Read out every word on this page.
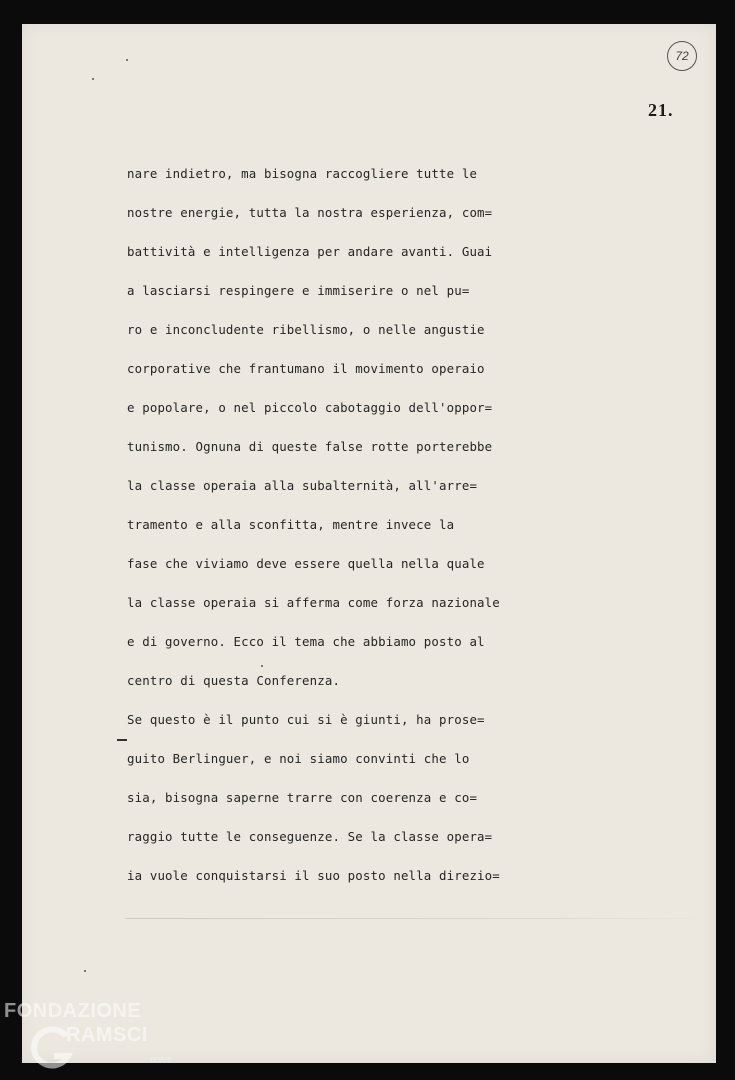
72
21.
nare indietro, ma bisogna raccogliere tutte le
nostre energie, tutta la nostra esperienza, com=
battività e intelligenza per andare avanti. Guai
a lasciarsi respingere e immiserire o nel pu=
ro e inconcludente ribellismo, o nelle angustie
corporative che frantumano il movimento operaio
e popolare, o nel piccolo cabotaggio dell'oppor=
tunismo. Ognuna di queste false rotte porterebbe
la classe operaia alla subalternità, all'arre=
tramento e alla sconfitta, mentre invece la
fase che viviamo deve essere quella nella quale
la classe operaia si afferma come forza nazionale
e di governo. Ecco il tema che abbiamo posto al
centro di questa Conferenza.
Se questo è il punto cui si è giunti, ha prose=
guito Berlinguer, e noi siamo convinti che lo
sia, bisogna saperne trarre con coerenza e co=
raggio tutte le conseguenze. Se la classe opera=
ia vuole conquistarsi il suo posto nella direzio=
FONDAZIONE
RAMSCI
onlus
